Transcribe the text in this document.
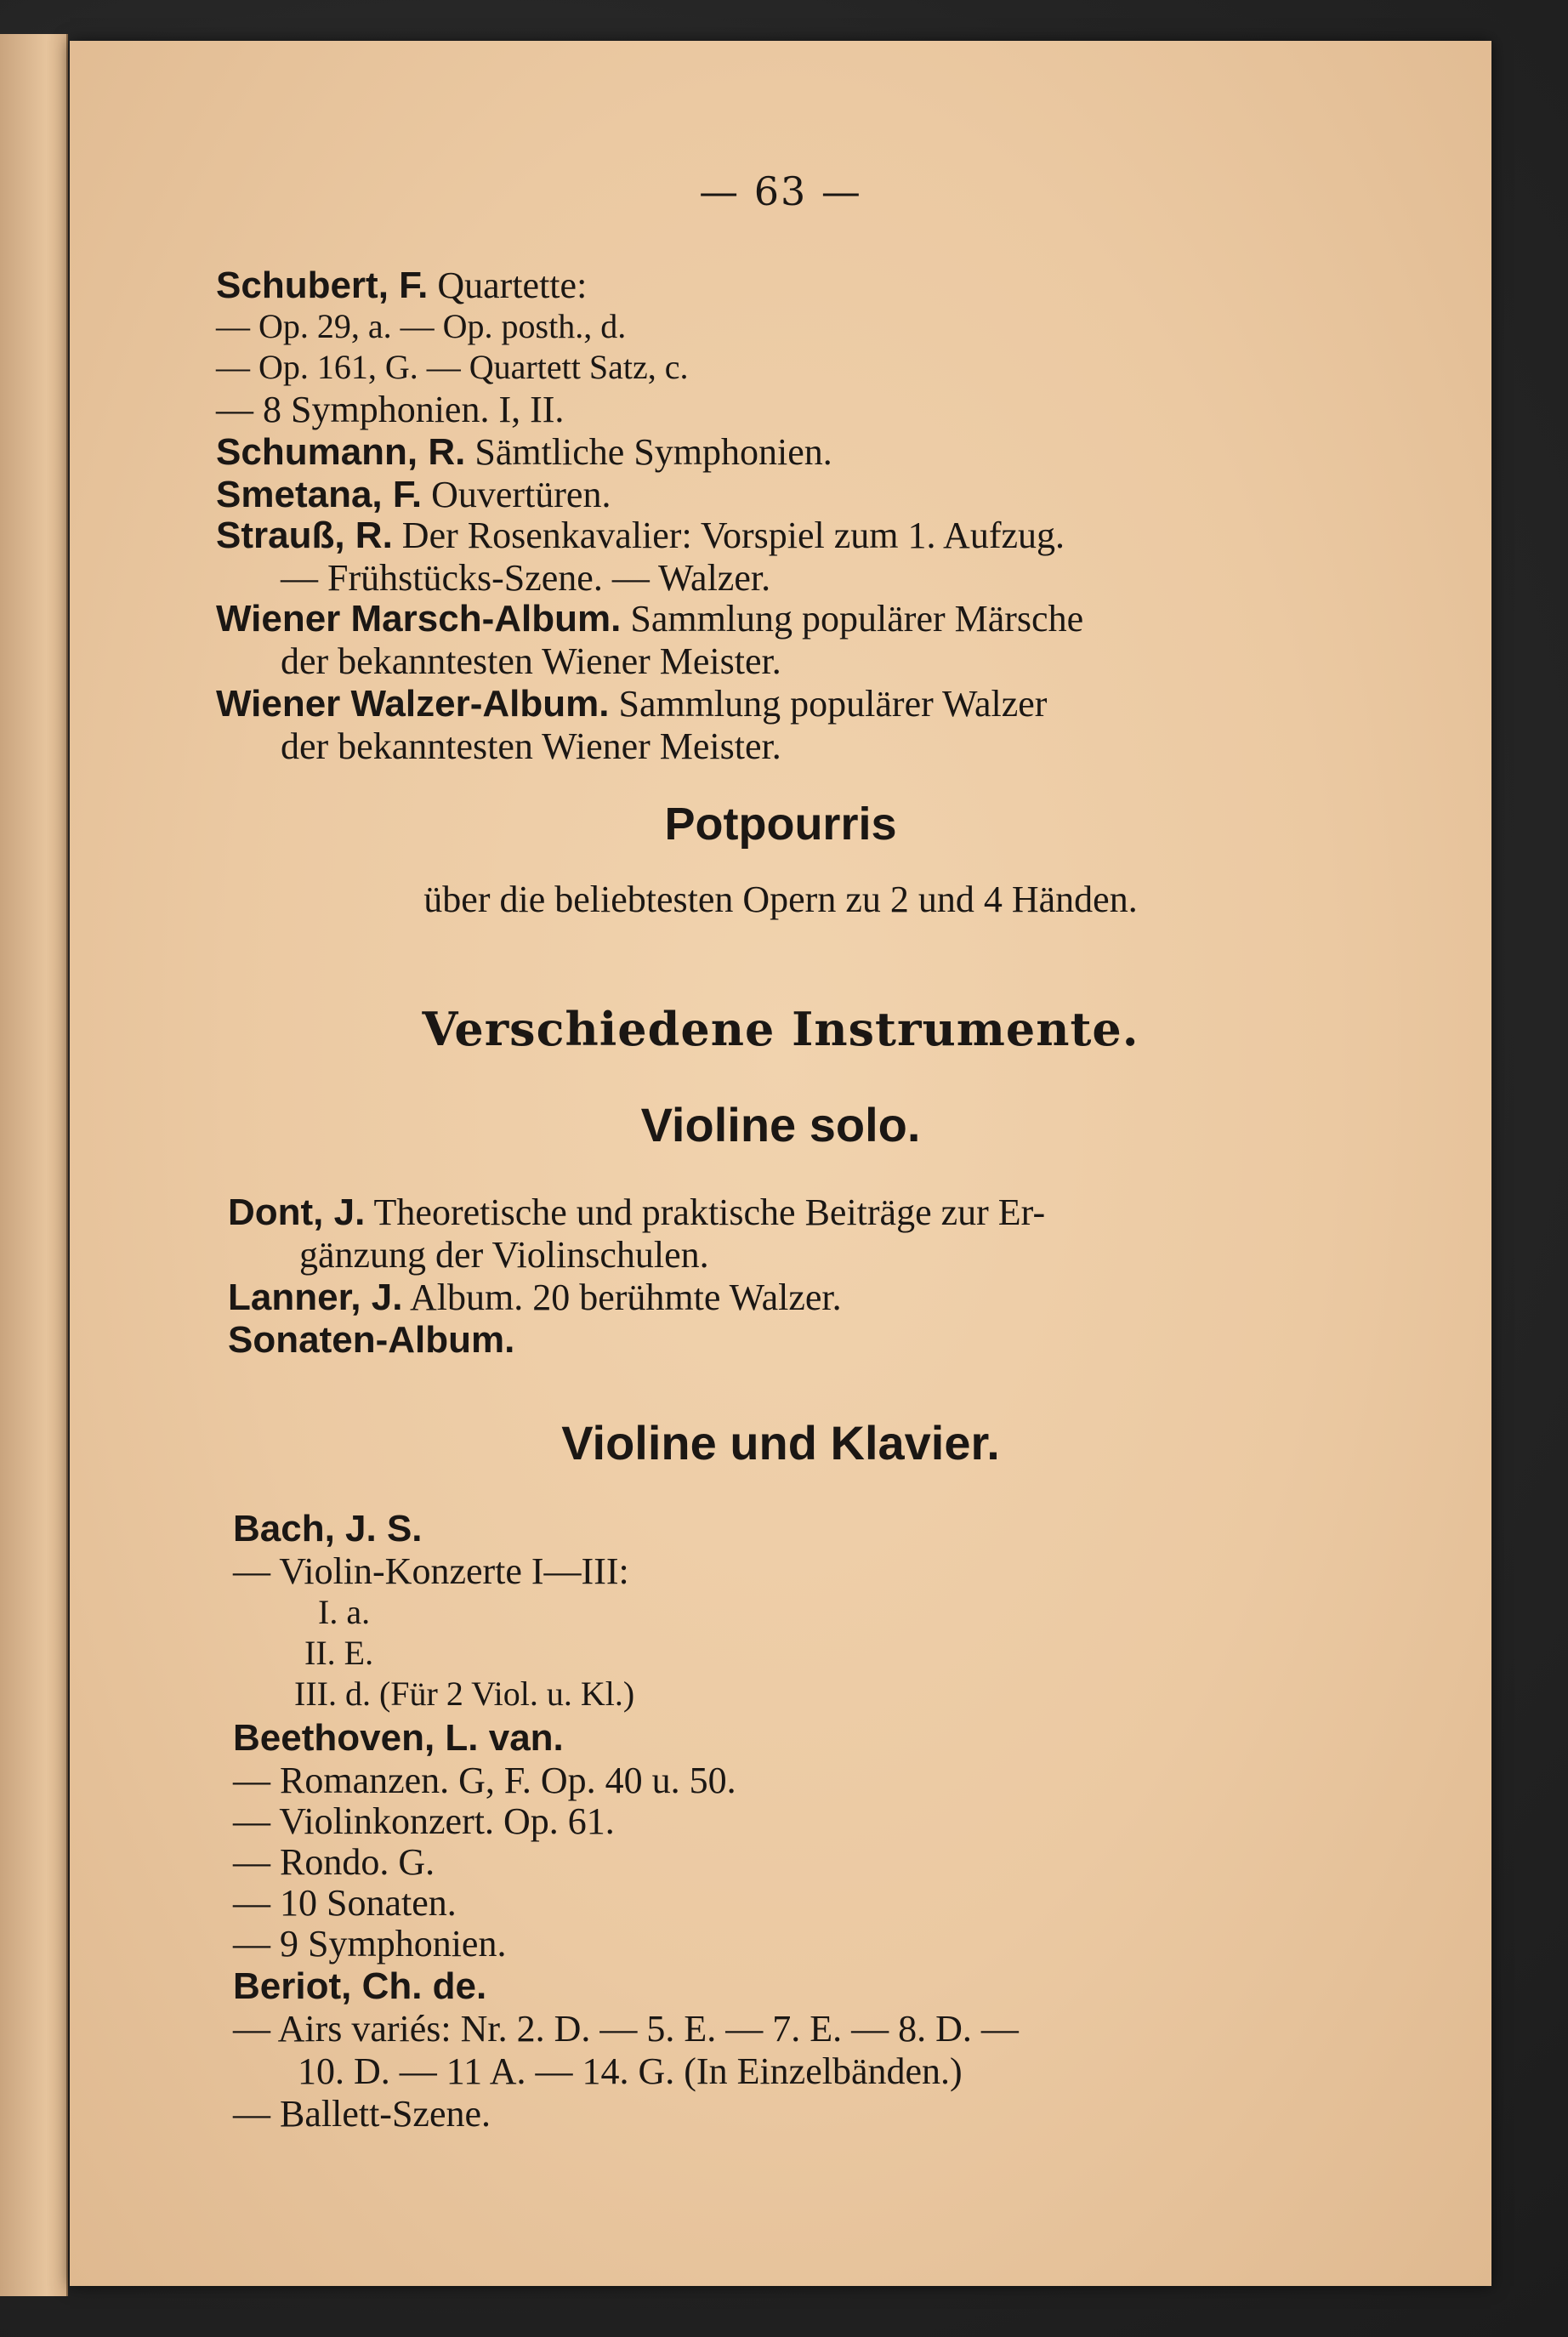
— 63 —
Schubert, F. Quartette:
— Op. 29, a. — Op. posth., d.
— Op. 161, G. — Quartett Satz, c.
— 8 Symphonien. I, II.
Schumann, R. Sämtliche Symphonien.
Smetana, F. Ouvertüren.
Strauß, R. Der Rosenkavalier: Vorspiel zum 1. Aufzug.
— Frühstücks-Szene. — Walzer.
Wiener Marsch-Album. Sammlung populärer Märsche
der bekanntesten Wiener Meister.
Wiener Walzer-Album. Sammlung populärer Walzer
der bekanntesten Wiener Meister.
Potpourris
über die beliebtesten Opern zu 2 und 4 Händen.
Verschiedene Instrumente.
Violine solo.
Dont, J. Theoretische und praktische Beiträge zur Er-
gänzung der Violinschulen.
Lanner, J. Album. 20 berühmte Walzer.
Sonaten-Album.
Violine und Klavier.
Bach, J. S.
— Violin-Konzerte I—III:
I. a.
II. E.
III. d. (Für 2 Viol. u. Kl.)
Beethoven, L. van.
— Romanzen. G, F. Op. 40 u. 50.
— Violinkonzert. Op. 61.
— Rondo. G.
— 10 Sonaten.
— 9 Symphonien.
Beriot, Ch. de.
— Airs variés: Nr. 2. D. — 5. E. — 7. E. — 8. D. —
10. D. — 11 A. — 14. G. (In Einzelbänden.)
— Ballett-Szene.
